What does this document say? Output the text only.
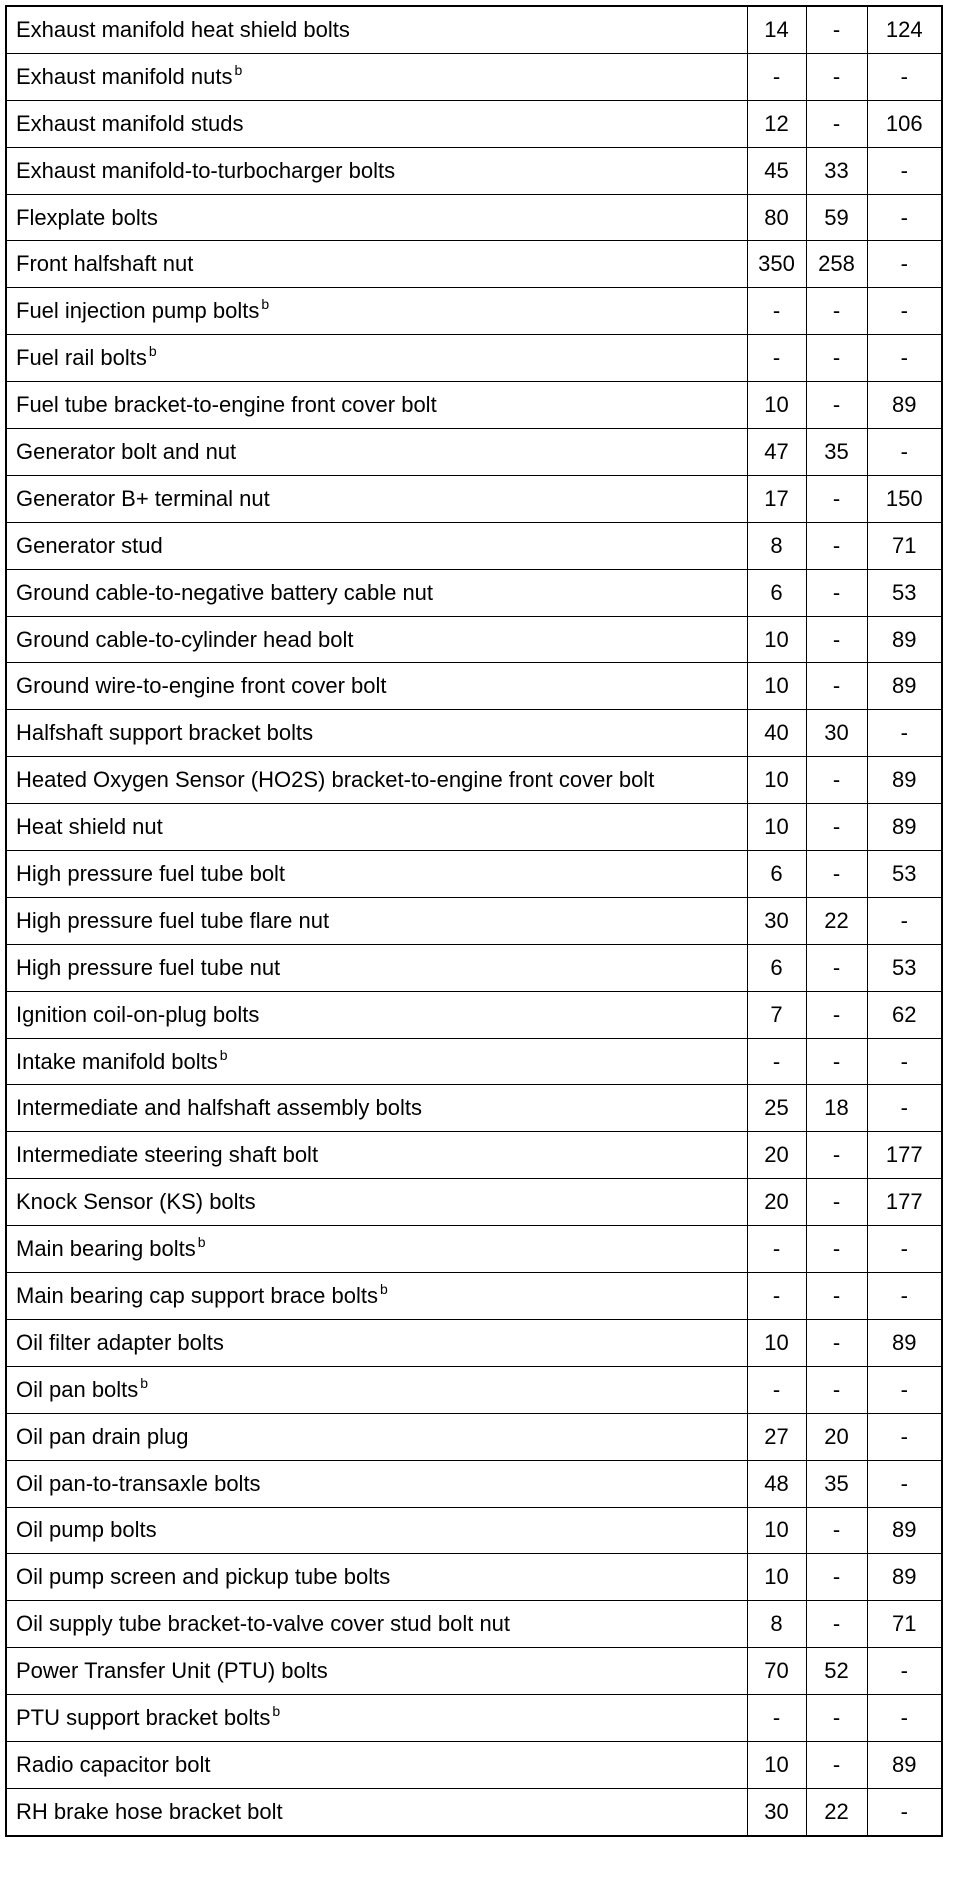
Exhaust manifold heat shield bolts	14	-	124
Exhaust manifold nuts $^b$	-	-	-
Exhaust manifold studs	12	-	106
Exhaust manifold-to-turbocharger bolts	45	33	-
Flexplate bolts	80	59	-
Front halfshaft nut	350	258	-
Fuel injection pump bolts $^b$	-	-	-
Fuel rail bolts $^b$	-	-	-
Fuel tube bracket-to-engine front cover bolt	10	-	89
Generator bolt and nut	47	35	-
Generator B+ terminal nut	17	-	150
Generator stud	8	-	71
Ground cable-to-negative battery cable nut	6	-	53
Ground cable-to-cylinder head bolt	10	-	89
Ground wire-to-engine front cover bolt	10	-	89
Halfshaft support bracket bolts	40	30	-
Heated Oxygen Sensor (HO2S) bracket-to-engine front cover bolt	10	-	89
Heat shield nut	10	-	89
High pressure fuel tube bolt	6	-	53
High pressure fuel tube flare nut	30	22	-
High pressure fuel tube nut	6	-	53
Ignition coil-on-plug bolts	7	-	62
Intake manifold bolts $^b$	-	-	-
Intermediate and halfshaft assembly bolts	25	18	-
Intermediate steering shaft bolt	20	-	177
Knock Sensor (KS) bolts	20	-	177
Main bearing bolts $^b$	-	-	-
Main bearing cap support brace bolts $^b$	-	-	-
Oil filter adapter bolts	10	-	89
Oil pan bolts $^b$	-	-	-
Oil pan drain plug	27	20	-
Oil pan-to-transaxle bolts	48	35	-
Oil pump bolts	10	-	89
Oil pump screen and pickup tube bolts	10	-	89
Oil supply tube bracket-to-valve cover stud bolt nut	8	-	71
Power Transfer Unit (PTU) bolts	70	52	-
PTU support bracket bolts $^b$	-	-	-
Radio capacitor bolt	10	-	89
RH brake hose bracket bolt	30	22	-
